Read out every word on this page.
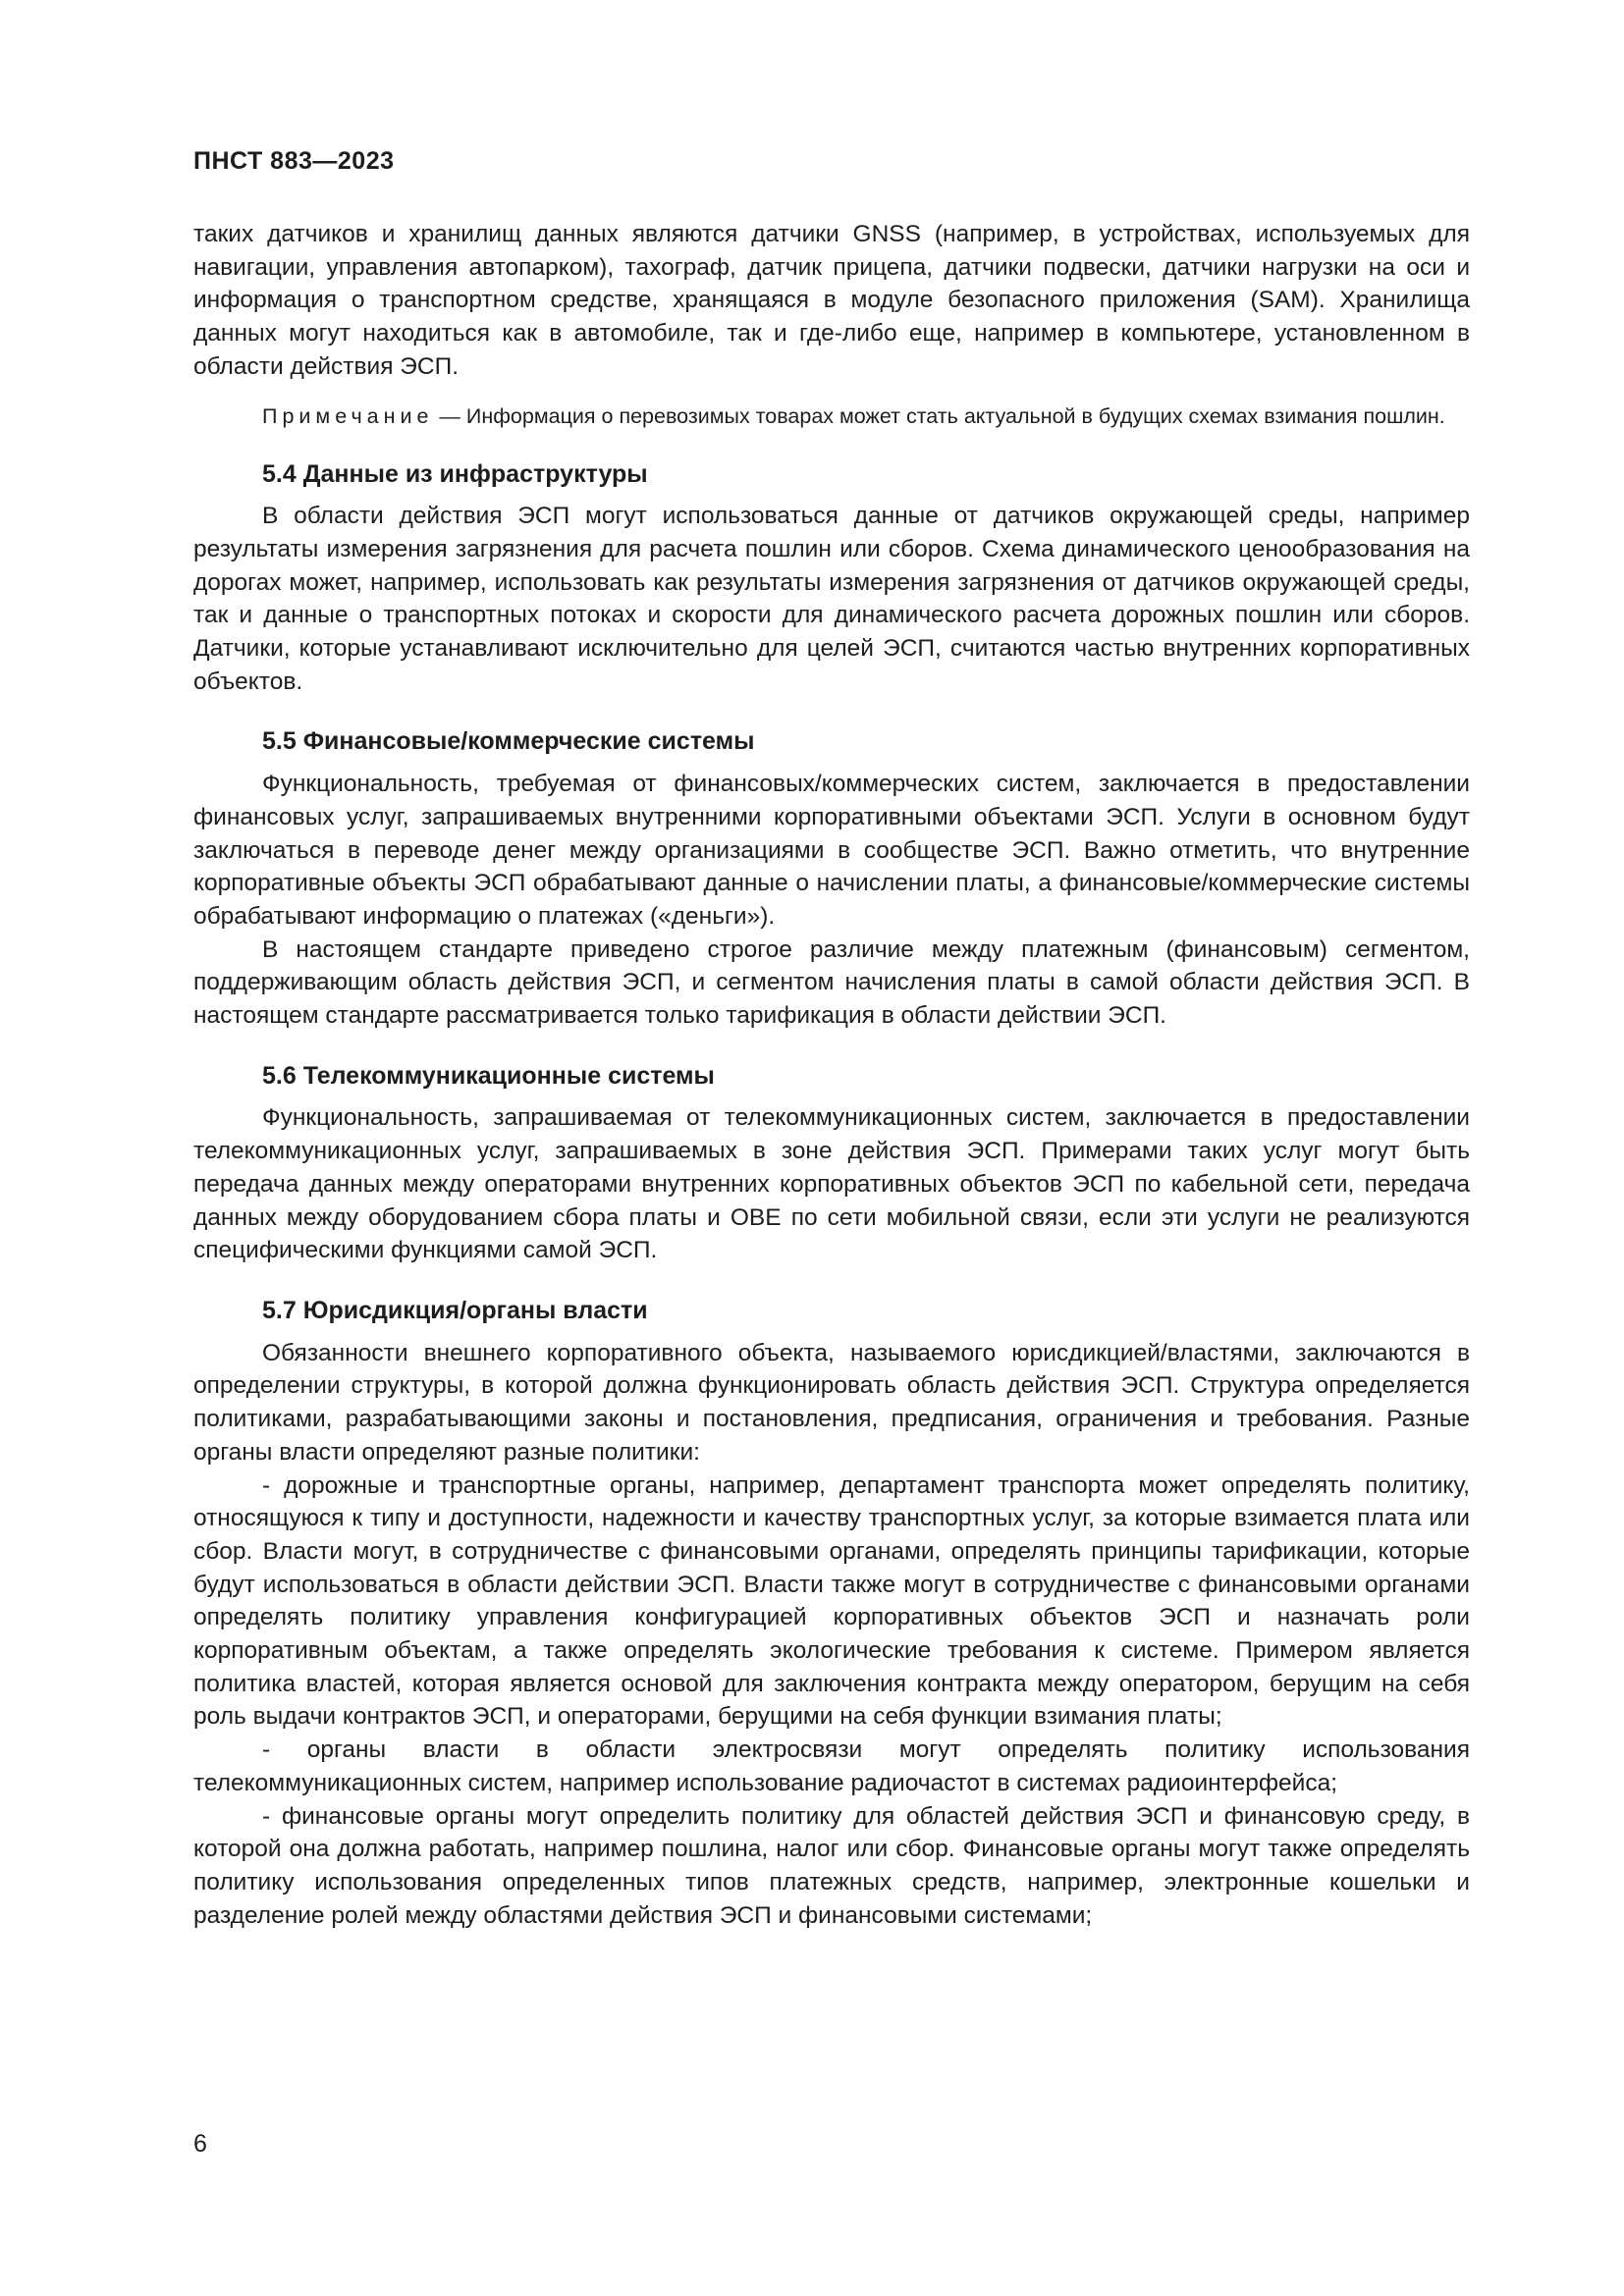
ПНСТ 883—2023

таких датчиков и хранилищ данных являются датчики GNSS (например, в устройствах, используемых для навигации, управления автопарком), тахограф, датчик прицепа, датчики подвески, датчики нагрузки на оси и информация о транспортном средстве, хранящаяся в модуле безопасного приложения (SAM). Хранилища данных могут находиться как в автомобиле, так и где-либо еще, например в компьютере, установленном в области действия ЭСП.

Примечание — Информация о перевозимых товарах может стать актуальной в будущих схемах взимания пошлин.

5.4 Данные из инфраструктуры

В области действия ЭСП могут использоваться данные от датчиков окружающей среды, например результаты измерения загрязнения для расчета пошлин или сборов. Схема динамического ценообразования на дорогах может, например, использовать как результаты измерения загрязнения от датчиков окружающей среды, так и данные о транспортных потоках и скорости для динамического расчета дорожных пошлин или сборов. Датчики, которые устанавливают исключительно для целей ЭСП, считаются частью внутренних корпоративных объектов.

5.5 Финансовые/коммерческие системы

Функциональность, требуемая от финансовых/коммерческих систем, заключается в предоставлении финансовых услуг, запрашиваемых внутренними корпоративными объектами ЭСП. Услуги в основном будут заключаться в переводе денег между организациями в сообществе ЭСП. Важно отметить, что внутренние корпоративные объекты ЭСП обрабатывают данные о начислении платы, а финансовые/коммерческие системы обрабатывают информацию о платежах («деньги»).

В настоящем стандарте приведено строгое различие между платежным (финансовым) сегментом, поддерживающим область действия ЭСП, и сегментом начисления платы в самой области действия ЭСП. В настоящем стандарте рассматривается только тарификация в области действии ЭСП.

5.6 Телекоммуникационные системы

Функциональность, запрашиваемая от телекоммуникационных систем, заключается в предоставлении телекоммуникационных услуг, запрашиваемых в зоне действия ЭСП. Примерами таких услуг могут быть передача данных между операторами внутренних корпоративных объектов ЭСП по кабельной сети, передача данных между оборудованием сбора платы и OBE по сети мобильной связи, если эти услуги не реализуются специфическими функциями самой ЭСП.

5.7 Юрисдикция/органы власти

Обязанности внешнего корпоративного объекта, называемого юрисдикцией/властями, заключаются в определении структуры, в которой должна функционировать область действия ЭСП. Структура определяется политиками, разрабатывающими законы и постановления, предписания, ограничения и требования. Разные органы власти определяют разные политики:

- дорожные и транспортные органы, например, департамент транспорта может определять политику, относящуюся к типу и доступности, надежности и качеству транспортных услуг, за которые взимается плата или сбор. Власти могут, в сотрудничестве с финансовыми органами, определять принципы тарификации, которые будут использоваться в области действии ЭСП. Власти также могут в сотрудничестве с финансовыми органами определять политику управления конфигурацией корпоративных объектов ЭСП и назначать роли корпоративным объектам, а также определять экологические требования к системе. Примером является политика властей, которая является основой для заключения контракта между оператором, берущим на себя роль выдачи контрактов ЭСП, и операторами, берущими на себя функции взимания платы;

- органы власти в области электросвязи могут определять политику использования телекоммуникационных систем, например использование радиочастот в системах радиоинтерфейса;

- финансовые органы могут определить политику для областей действия ЭСП и финансовую среду, в которой она должна работать, например пошлина, налог или сбор. Финансовые органы могут также определять политику использования определенных типов платежных средств, например, электронные кошельки и разделение ролей между областями действия ЭСП и финансовыми системами;

6
